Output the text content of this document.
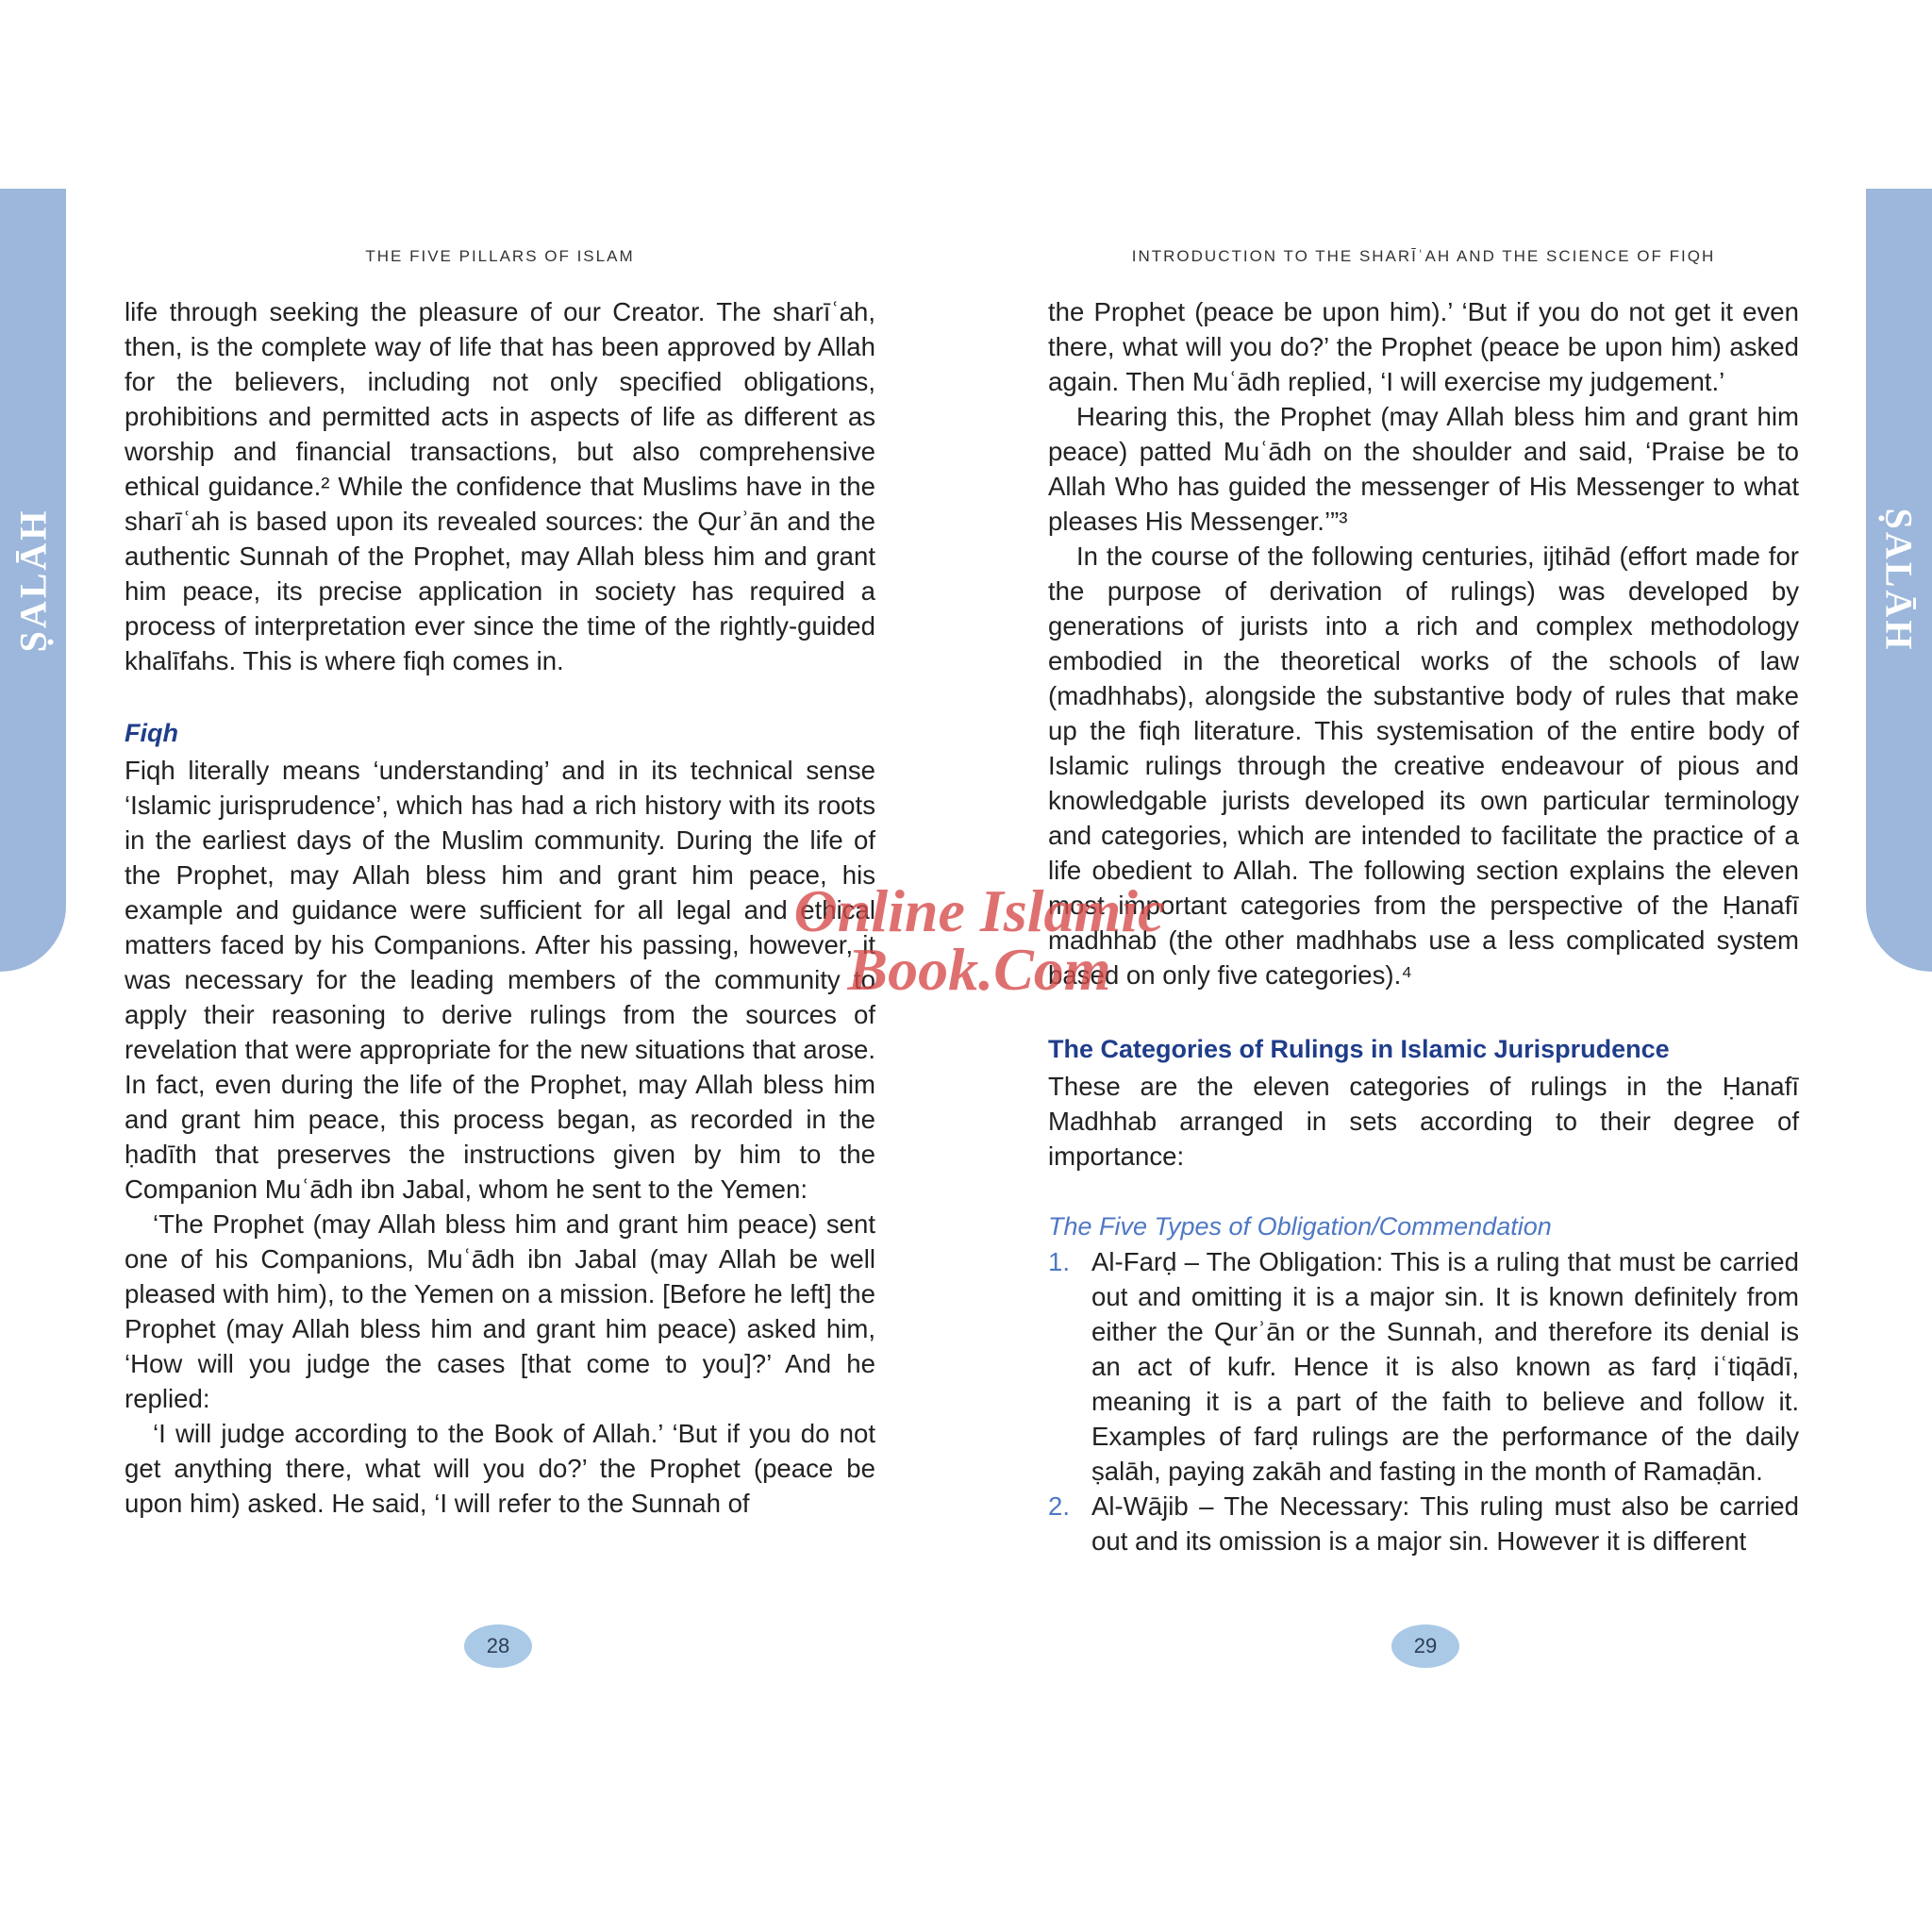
ṢALĀH	ṢALĀH
THE FIVE PILLARS OF ISLAM

life through seeking the pleasure of our Creator. The sharīʿah, then, is the complete way of life that has been approved by Allah for the believers, including not only specified obligations, prohibitions and permitted acts in aspects of life as different as worship and financial transactions, but also comprehensive ethical guidance.² While the confidence that Muslims have in the sharīʿah is based upon its revealed sources: the Qurʾān and the authentic Sunnah of the Prophet, may Allah bless him and grant him peace, its precise application in society has required a process of interpretation ever since the time of the rightly-guided khalīfahs. This is where fiqh comes in.

Fiqh

Fiqh literally means ‘understanding’ and in its technical sense ‘Islamic jurisprudence’, which has had a rich history with its roots in the earliest days of the Muslim community. During the life of the Prophet, may Allah bless him and grant him peace, his example and guidance were sufficient for all legal and ethical matters faced by his Companions. After his passing, however, it was necessary for the leading members of the community to apply their reasoning to derive rulings from the sources of revelation that were appropriate for the new situations that arose. In fact, even during the life of the Prophet, may Allah bless him and grant him peace, this process began, as recorded in the ḥadīth that preserves the instructions given by him to the Companion Muʿādh ibn Jabal, whom he sent to the Yemen:

‘The Prophet (may Allah bless him and grant him peace) sent one of his Companions, Muʿādh ibn Jabal (may Allah be well pleased with him), to the Yemen on a mission. [Before he left] the Prophet (may Allah bless him and grant him peace) asked him, ‘How will you judge the cases [that come to you]?’ And he replied:

‘I will judge according to the Book of Allah.’ ‘But if you do not get anything there, what will you do?’ the Prophet (peace be upon him) asked. He said, ‘I will refer to the Sunnah of

INTRODUCTION TO THE SHARĪʿAH AND THE SCIENCE OF FIQH

the Prophet (peace be upon him).’ ‘But if you do not get it even there, what will you do?’ the Prophet (peace be upon him) asked again. Then Muʿādh replied, ‘I will exercise my judgement.’

Hearing this, the Prophet (may Allah bless him and grant him peace) patted Muʿādh on the shoulder and said, ‘Praise be to Allah Who has guided the messenger of His Messenger to what pleases His Messenger.’”³

In the course of the following centuries, ijtihād (effort made for the purpose of derivation of rulings) was developed by generations of jurists into a rich and complex methodology embodied in the theoretical works of the schools of law (madhhabs), alongside the substantive body of rules that make up the fiqh literature. This systemisation of the entire body of Islamic rulings through the creative endeavour of pious and knowledgable jurists developed its own particular terminology and categories, which are intended to facilitate the practice of a life obedient to Allah. The following section explains the eleven most important categories from the perspective of the Ḥanafī madhhab (the other madhhabs use a less complicated system based on only five categories).⁴

The Categories of Rulings in Islamic Jurisprudence

These are the eleven categories of rulings in the Ḥanafī Madhhab arranged in sets according to their degree of importance:

The Five Types of Obligation/Commendation
1. Al-Farḍ – The Obligation: This is a ruling that must be carried out and omitting it is a major sin. It is known definitely from either the Qurʾān or the Sunnah, and therefore its denial is an act of kufr. Hence it is also known as farḍ iʿtiqādī, meaning it is a part of the faith to believe and follow it. Examples of farḍ rulings are the performance of the daily ṣalāh, paying zakāh and fasting in the month of Ramaḍān.
2. Al-Wājib – The Necessary: This ruling must also be carried out and its omission is a major sin. However it is different
28	29
Online Islamic
Book.Com
